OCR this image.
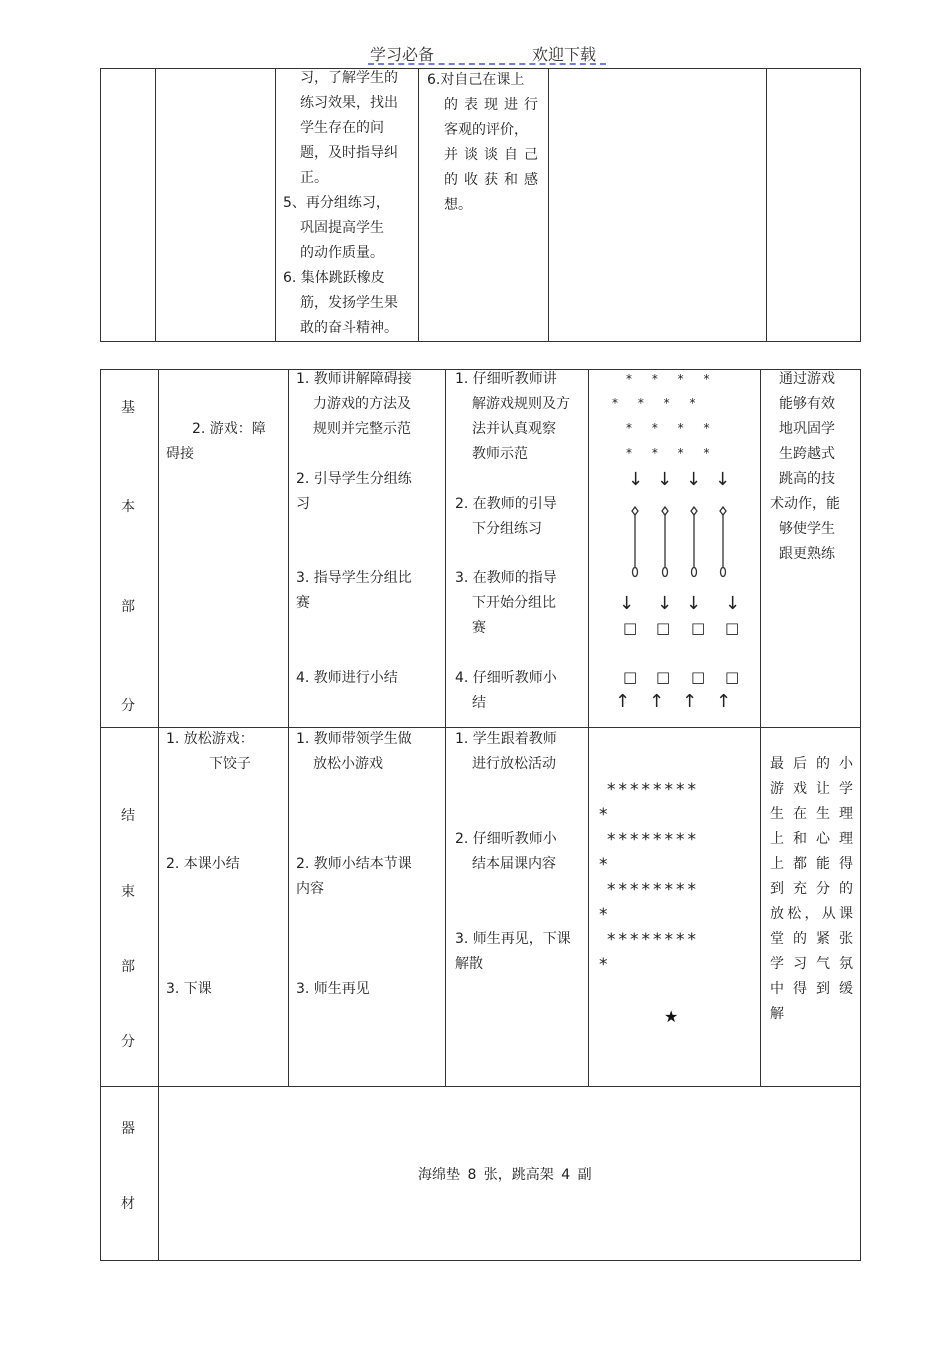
学习必备	欢迎下载
习，了解学生的
练习效果，找出
学生存在的问
题，及时指导纠
正。
5、再分组练习，
巩固提高学生
的动作质量。
6. 集体跳跃橡皮
筋，发扬学生果
敢的奋斗精神。
6.对自己在课上
的表现进行
客观的评价，
并谈谈自己
的收获和感
想。
基
本
部
分
2. 游戏：障
碍接
1. 教师讲解障碍接
力游戏的方法及
规则并完整示范
2. 引导学生分组练
习
3. 指导学生分组比
赛
4. 教师进行小结
1. 仔细听教师讲
解游戏规则及方
法并认真观察
教师示范
2. 在教师的引导
下分组练习
3. 在教师的指导
下开始分组比
赛
4. 仔细听教师小
结
* * * *
* * * *
* * * *
* * * *
↓ ↓ ↓ ↓
↓ ↓ ↓ ↓
□ □ □ □
□ □ □ □
↑ ↑ ↑ ↑
通过游戏
能够有效
地巩固学
生跨越式
跳高的技
术动作，能
够使学生
跟更熟练
结
束
部
分
1. 放松游戏：
下饺子
2. 本课小结
3. 下课
1. 教师带领学生做
放松小游戏
2. 教师小结本节课
内容
3. 师生再见
1. 学生跟着教师
进行放松活动
2. 仔细听教师小
结本届课内容
3. 师生再见，下课
解散
********
*
********
*
********
*
********
*
★
最后的小
游戏让学
生在生理
上和心理
上都能得
到充分的
放松，从课
堂的紧张
学习气氛
中得到缓
解
器
材
海绵垫 8 张，跳高架 4 副
